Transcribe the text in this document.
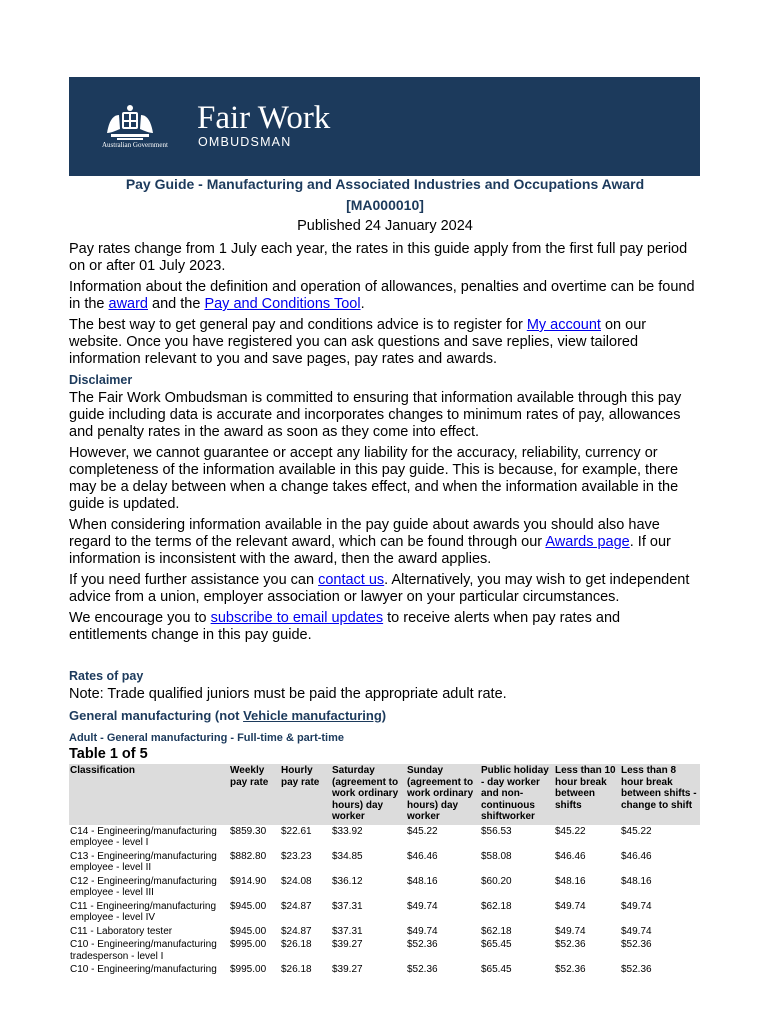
Australian Government
Fair Work
OMBUDSMAN
Pay Guide - Manufacturing and Associated Industries and Occupations Award
[MA000010]
Published 24 January 2024

Pay rates change from 1 July each year, the rates in this guide apply from the first full pay period on or after 01 July 2023.

Information about the definition and operation of allowances, penalties and overtime can be found in the award and the Pay and Conditions Tool.

The best way to get general pay and conditions advice is to register for My account on our website. Once you have registered you can ask questions and save replies, view tailored information relevant to you and save pages, pay rates and awards.

Disclaimer

The Fair Work Ombudsman is committed to ensuring that information available through this pay guide including data is accurate and incorporates changes to minimum rates of pay, allowances and penalty rates in the award as soon as they come into effect.

However, we cannot guarantee or accept any liability for the accuracy, reliability, currency or completeness of the information available in this pay guide. This is because, for example, there may be a delay between when a change takes effect, and when the information available in the guide is updated.

When considering information available in the pay guide about awards you should also have regard to the terms of the relevant award, which can be found through our Awards page. If our information is inconsistent with the award, then the award applies.

If you need further assistance you can contact us. Alternatively, you may wish to get independent advice from a union, employer association or lawyer on your particular circumstances.

We encourage you to subscribe to email updates to receive alerts when pay rates and entitlements change in this pay guide.

Rates of pay

Note: Trade qualified juniors must be paid the appropriate adult rate.

General manufacturing (not Vehicle manufacturing)
Adult - General manufacturing - Full-time & part-time
Table 1 of 5
Classification	Weekly pay rate	Hourly pay rate	Saturday (agreement to work ordinary hours) day worker	Sunday (agreement to work ordinary hours) day worker	Public holiday - day worker and non-continuous shiftworker	Less than 10 hour break between shifts	Less than 8 hour break between shifts - change to shift
C14 - Engineering/manufacturing employee - level I	$859.30	$22.61	$33.92	$45.22	$56.53	$45.22	$45.22
C13 - Engineering/manufacturing employee - level II	$882.80	$23.23	$34.85	$46.46	$58.08	$46.46	$46.46
C12 - Engineering/manufacturing employee - level III	$914.90	$24.08	$36.12	$48.16	$60.20	$48.16	$48.16
C11 - Engineering/manufacturing employee - level IV	$945.00	$24.87	$37.31	$49.74	$62.18	$49.74	$49.74
C11 - Laboratory tester	$945.00	$24.87	$37.31	$49.74	$62.18	$49.74	$49.74
C10 - Engineering/manufacturing tradesperson - level I	$995.00	$26.18	$39.27	$52.36	$65.45	$52.36	$52.36
C10 - Engineering/manufacturing	$995.00	$26.18	$39.27	$52.36	$65.45	$52.36	$52.36
